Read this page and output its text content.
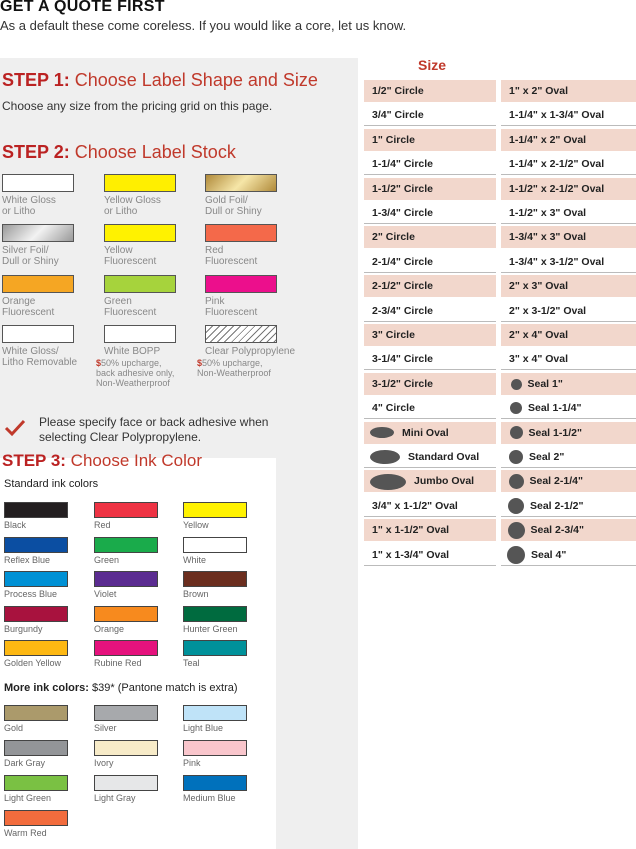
GET A QUOTE FIRST
As a default these come coreless. If you would like a core, let us know.
STEP 1: Choose Label Shape and Size
Choose any size from the pricing grid on this page.
STEP 2: Choose Label Stock
White Gloss
or Litho
Yellow Gloss
or Litho
Gold Foil/
Dull or Shiny
Silver Foil/
Dull or Shiny
Yellow
Fluorescent
Red
Fluorescent
Orange
Fluorescent
Green
Fluorescent
Pink
Fluorescent
White Gloss/
Litho Removable
White BOPP
$50% upcharge,
back adhesive only,
Non-Weatherproof
Clear Polypropylene
$50% upcharge,
Non-Weatherproof
Please specify face or back adhesive when selecting Clear Polypropylene.
STEP 3: Choose Ink Color
Standard ink colors
Black	Red	Yellow
Reflex Blue	Green	White
Process Blue	Violet	Brown
Burgundy	Orange	Hunter Green
Golden Yellow	Rubine Red	Teal
More ink colors: $39* (Pantone match is extra)
Gold	Silver	Light Blue
Dark Gray	Ivory	Pink
Light Green	Light Gray	Medium Blue
Warm Red
Size
1/2" Circle
3/4" Circle
1" Circle
1-1/4" Circle
1-1/2" Circle
1-3/4" Circle
2" Circle
2-1/4" Circle
2-1/2" Circle
2-3/4" Circle
3" Circle
3-1/4" Circle
3-1/2" Circle
4" Circle
Mini Oval
Standard Oval
Jumbo Oval
3/4" x 1-1/2" Oval
1" x 1-1/2" Oval
1" x 1-3/4" Oval
1" x 2" Oval
1-1/4" x 1-3/4" Oval
1-1/4" x 2" Oval
1-1/4" x 2-1/2" Oval
1-1/2" x 2-1/2" Oval
1-1/2" x 3" Oval
1-3/4" x 3" Oval
1-3/4" x 3-1/2" Oval
2" x 3" Oval
2" x 3-1/2" Oval
2" x 4" Oval
3" x 4" Oval
Seal 1"
Seal 1-1/4"
Seal 1-1/2"
Seal 2"
Seal 2-1/4"
Seal 2-1/2"
Seal 2-3/4"
Seal 4"
